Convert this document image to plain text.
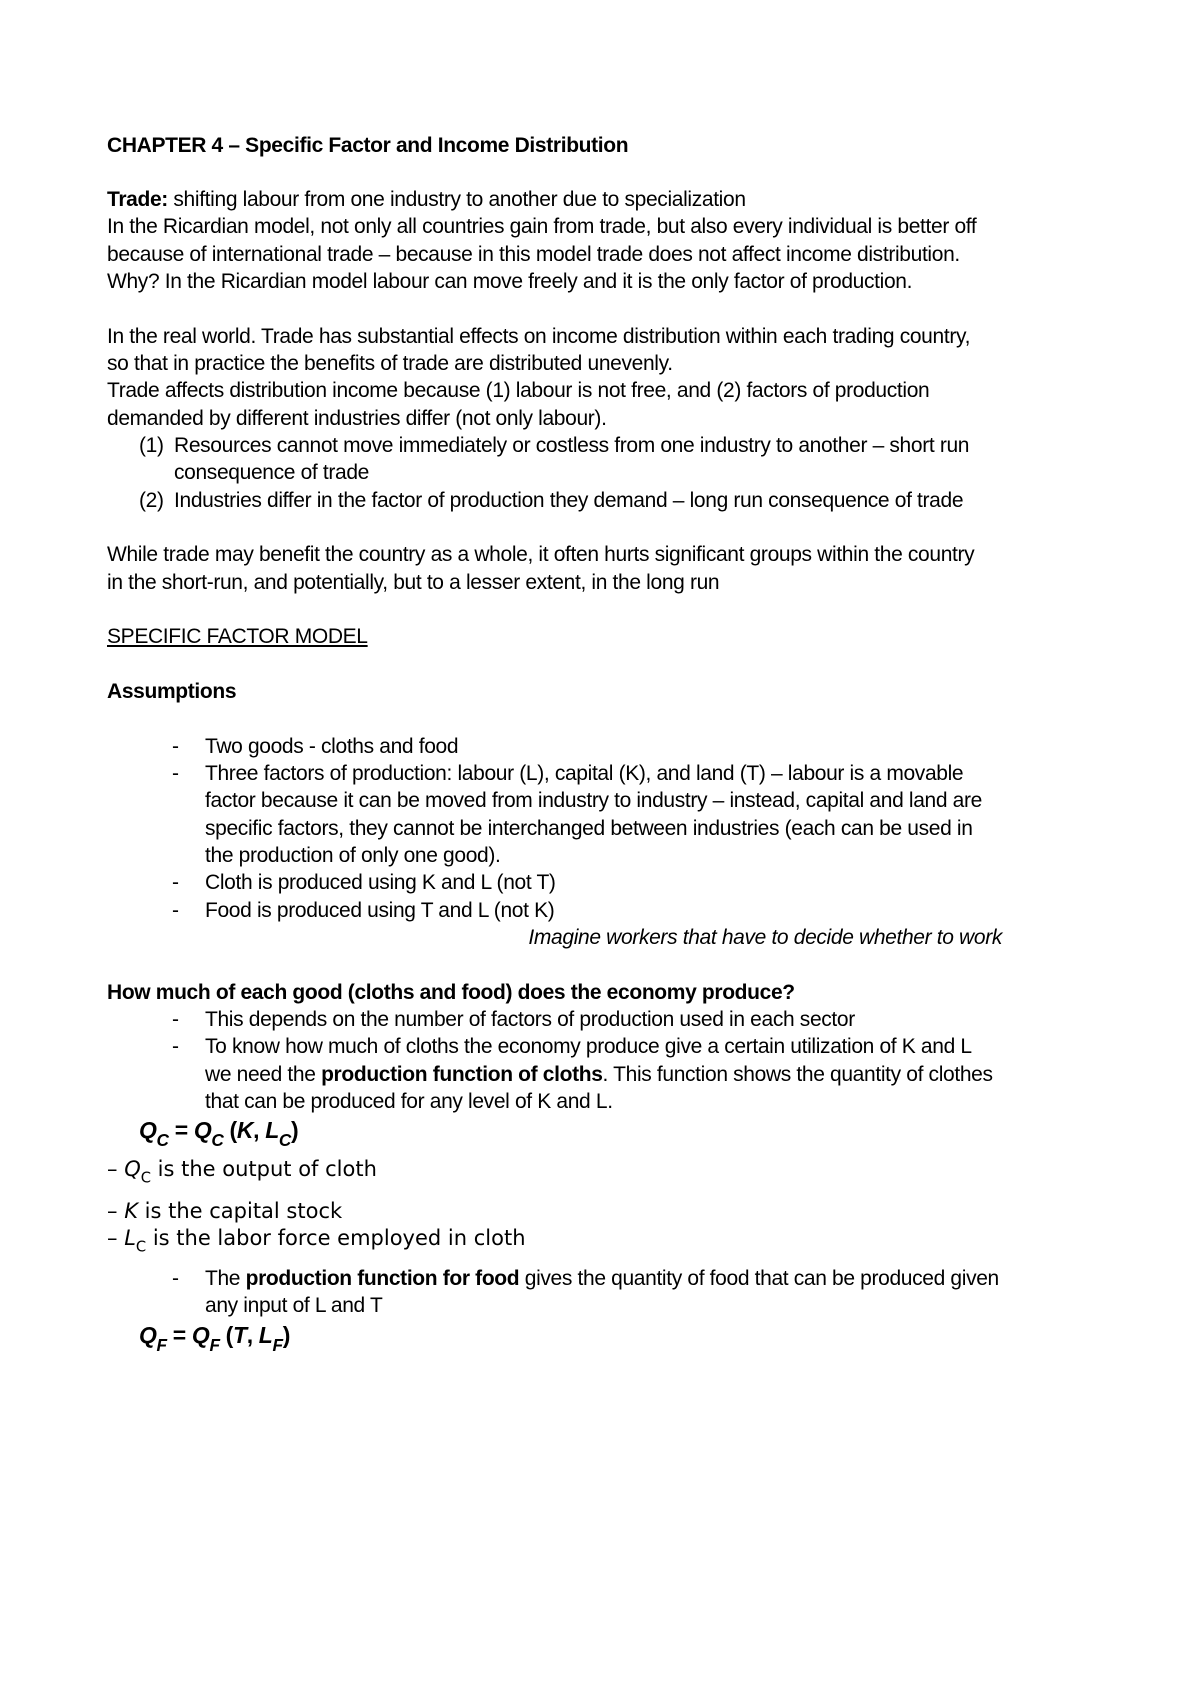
CHAPTER 4 – Specific Factor and Income Distribution
Trade: shifting labour from one industry to another due to specialization
In the Ricardian model, not only all countries gain from trade, but also every individual is better off
because of international trade – because in this model trade does not affect income distribution.
Why? In the Ricardian model labour can move freely and it is the only factor of production.
In the real world. Trade has substantial effects on income distribution within each trading country,
so that in practice the benefits of trade are distributed unevenly.
Trade affects distribution income because (1) labour is not free, and (2) factors of production
demanded by different industries differ (not only labour).
(1) Resources cannot move immediately or costless from one industry to another – short run
consequence of trade
(2) Industries differ in the factor of production they demand – long run consequence of trade
While trade may benefit the country as a whole, it often hurts significant groups within the country
in the short-run, and potentially, but to a lesser extent, in the long run
SPECIFIC FACTOR MODEL
Assumptions
- Two goods - cloths and food
- Three factors of production: labour (L), capital (K), and land (T) – labour is a movable
factor because it can be moved from industry to industry – instead, capital and land are
specific factors, they cannot be interchanged between industries (each can be used in
the production of only one good).
- Cloth is produced using K and L (not T)
- Food is produced using T and L (not K)
Imagine workers that have to decide whether to work
How much of each good (cloths and food) does the economy produce?
- This depends on the number of factors of production used in each sector
- To know how much of cloths the economy produce give a certain utilization of K and L
we need the production function of cloths. This function shows the quantity of clothes
that can be produced for any level of K and L.
$Q_C = Q_C$ (K, $L_C$)
– $Q_C$ is the output of cloth
– K is the capital stock
– $L_C$ is the labor force employed in cloth
- The production function for food gives the quantity of food that can be produced given
any input of L and T
$Q_F = Q_F$ (T, $L_F$)
